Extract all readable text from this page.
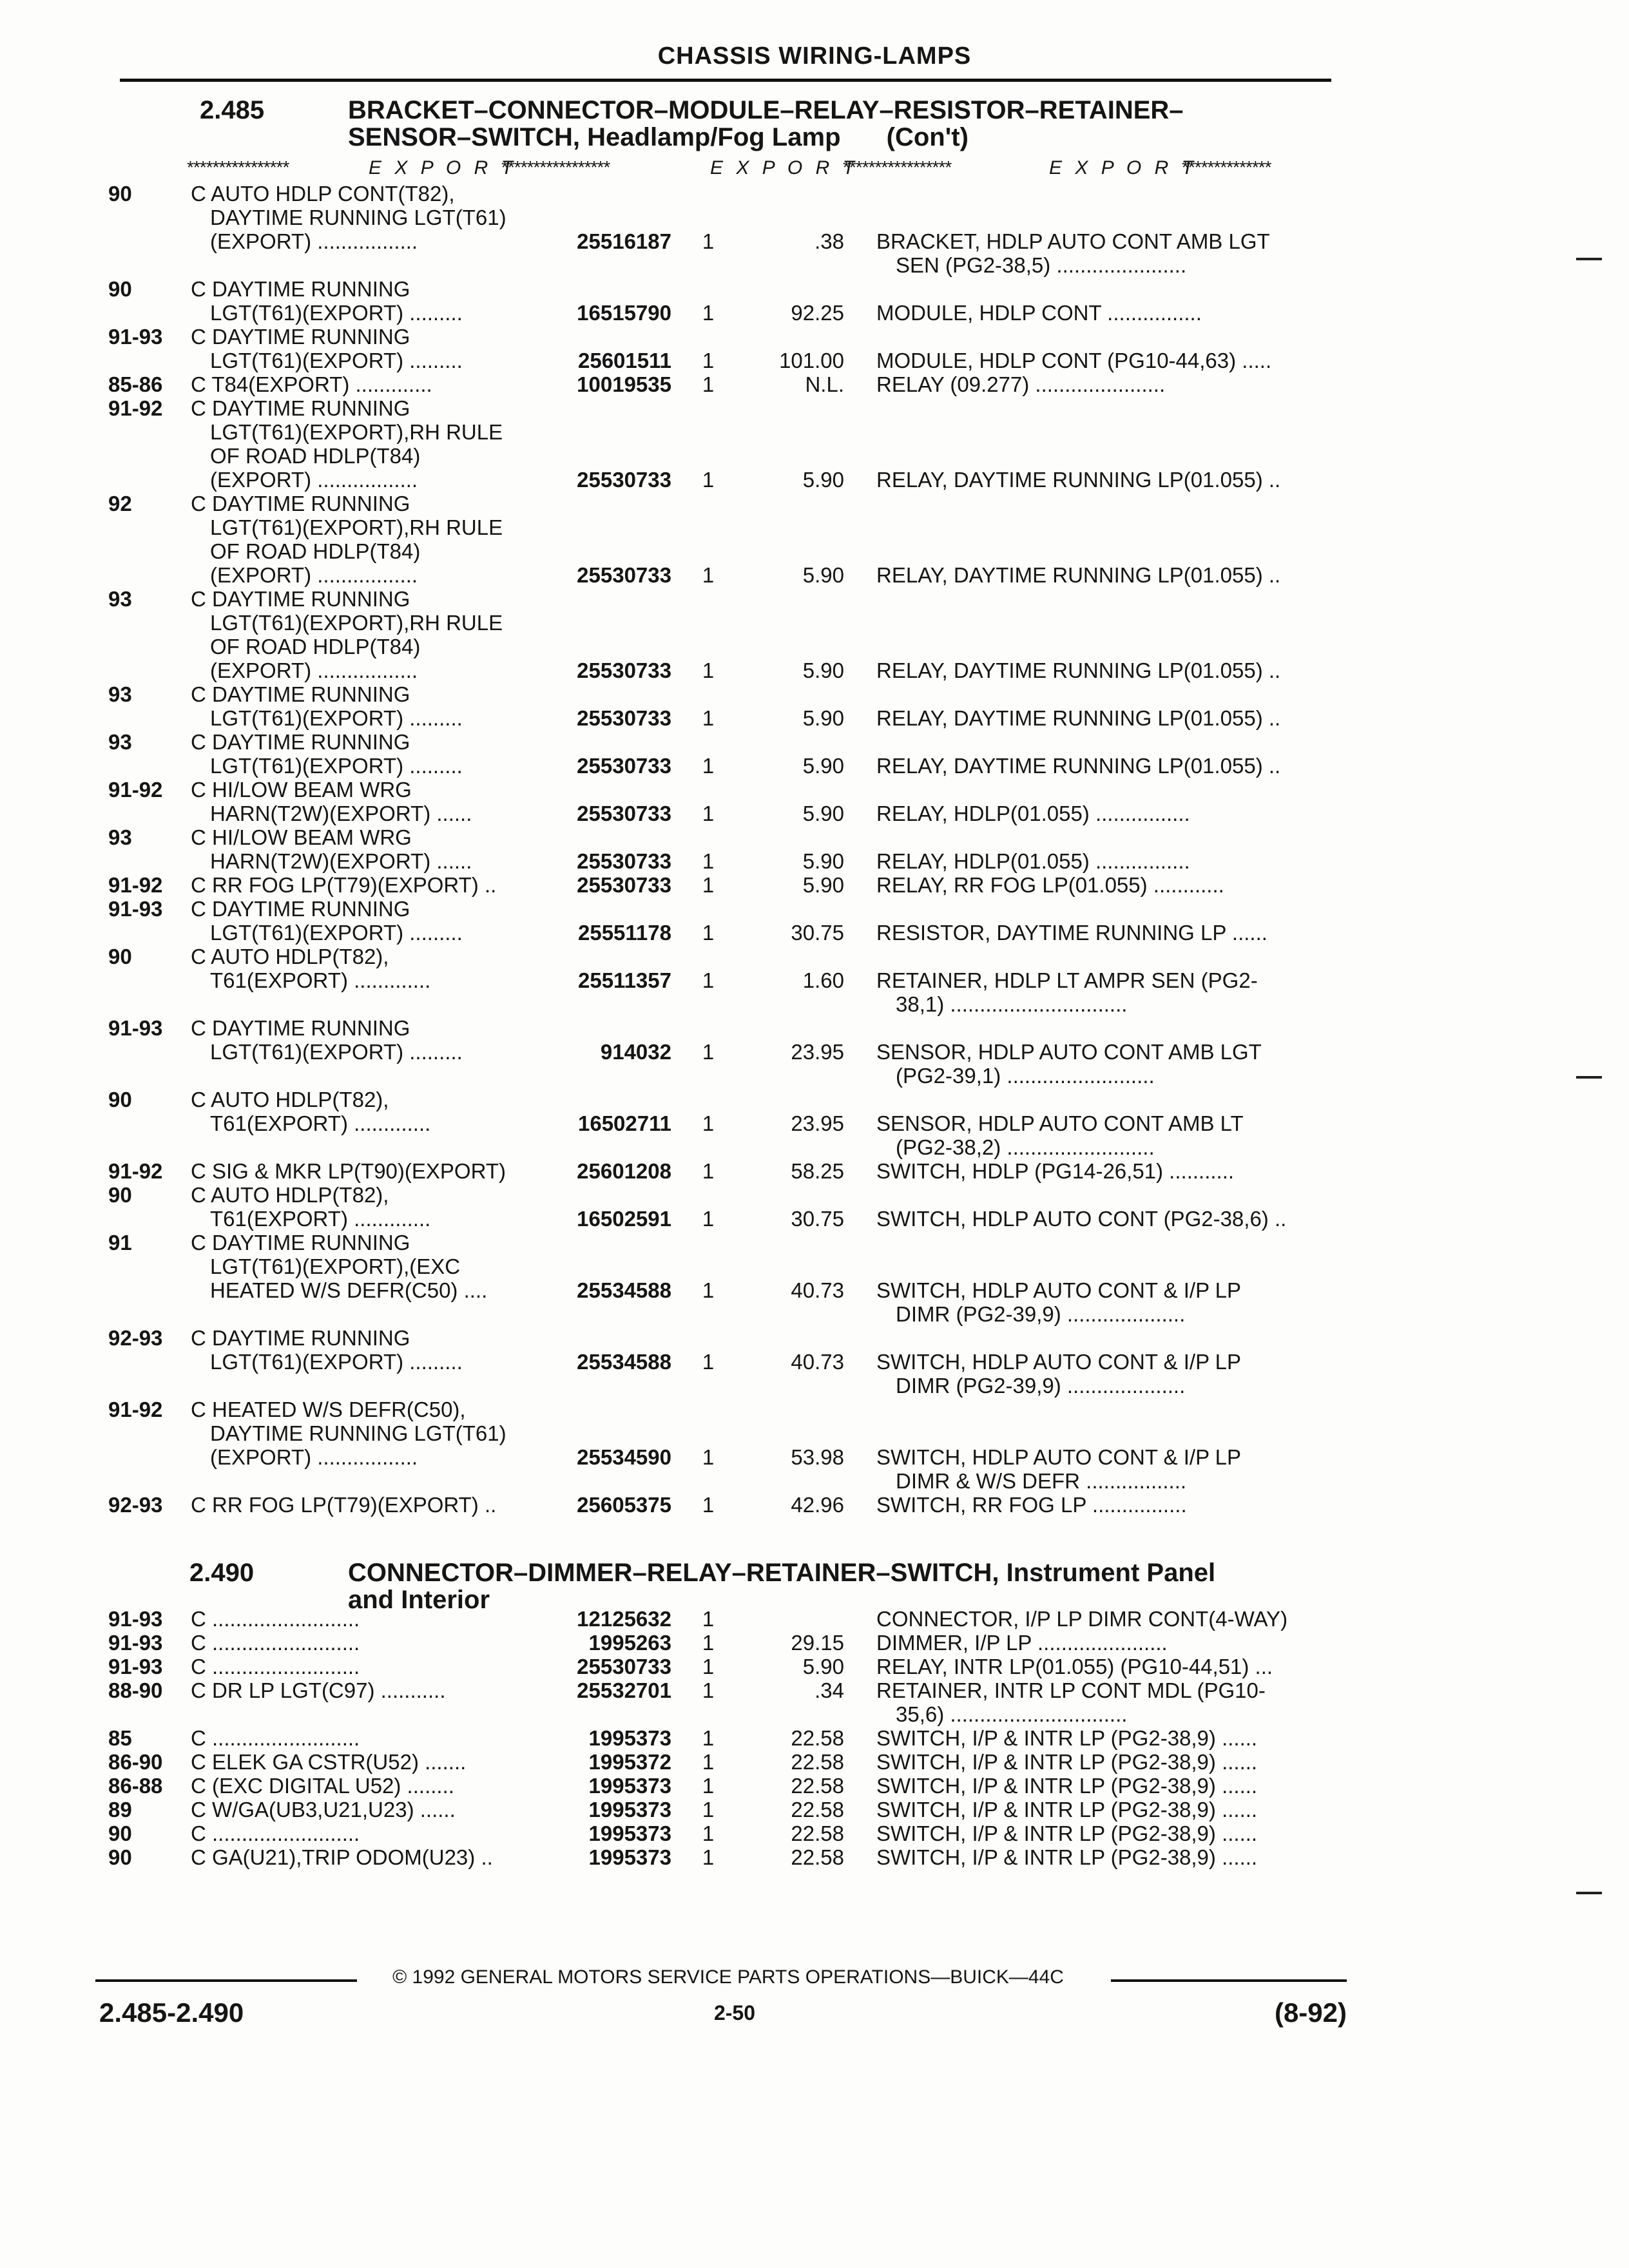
CHASSIS WIRING-LAMPS
2.485	BRACKET–CONNECTOR–MODULE–RELAY–RESISTOR–RETAINER–
SENSOR–SWITCH, Headlamp/Fog Lamp (Con't)
****************	E X P O R T
*****************	E X P O R T
*****************	E X P O R T
**************
90	C AUTO HDLP CONT(T82),
DAYTIME RUNNING LGT(T61)
(EXPORT) .................	25516187 1	.38 BRACKET, HDLP AUTO CONT AMB LGT
SEN (PG2-38,5) ......................
90	C DAYTIME RUNNING
LGT(T61)(EXPORT) .........	16515790 1	92.25 MODULE, HDLP CONT ................
91-93	C DAYTIME RUNNING
LGT(T61)(EXPORT) .........	25601511 1	101.00 MODULE, HDLP CONT (PG10-44,63) .....
85-86	C T84(EXPORT) .............	10019535 1	N.L. RELAY (09.277) ......................
91-92	C DAYTIME RUNNING
LGT(T61)(EXPORT),RH RULE
OF ROAD HDLP(T84)
(EXPORT) .................	25530733 1	5.90 RELAY, DAYTIME RUNNING LP(01.055) ..
92	C DAYTIME RUNNING
LGT(T61)(EXPORT),RH RULE
OF ROAD HDLP(T84)
(EXPORT) .................	25530733 1	5.90 RELAY, DAYTIME RUNNING LP(01.055) ..
93	C DAYTIME RUNNING
LGT(T61)(EXPORT),RH RULE
OF ROAD HDLP(T84)
(EXPORT) .................	25530733 1	5.90 RELAY, DAYTIME RUNNING LP(01.055) ..
93	C DAYTIME RUNNING
LGT(T61)(EXPORT) .........	25530733 1	5.90 RELAY, DAYTIME RUNNING LP(01.055) ..
93	C DAYTIME RUNNING
LGT(T61)(EXPORT) .........	25530733 1	5.90 RELAY, DAYTIME RUNNING LP(01.055) ..
91-92	C HI/LOW BEAM WRG
HARN(T2W)(EXPORT) ......	25530733 1	5.90 RELAY, HDLP(01.055) ................
93	C HI/LOW BEAM WRG
HARN(T2W)(EXPORT) ......	25530733 1	5.90 RELAY, HDLP(01.055) ................
91-92	C RR FOG LP(T79)(EXPORT) ..	25530733 1	5.90 RELAY, RR FOG LP(01.055) ............
91-93	C DAYTIME RUNNING
LGT(T61)(EXPORT) .........	25551178 1	30.75 RESISTOR, DAYTIME RUNNING LP ......
90	C AUTO HDLP(T82),
T61(EXPORT) .............	25511357 1	1.60 RETAINER, HDLP LT AMPR SEN (PG2-
38,1) ..............................
91-93	C DAYTIME RUNNING
LGT(T61)(EXPORT) .........	914032 1	23.95 SENSOR, HDLP AUTO CONT AMB LGT
(PG2-39,1) .........................
90	C AUTO HDLP(T82),
T61(EXPORT) .............	16502711 1	23.95 SENSOR, HDLP AUTO CONT AMB LT
(PG2-38,2) .........................
91-92	C SIG & MKR LP(T90)(EXPORT)	25601208 1	58.25 SWITCH, HDLP (PG14-26,51) ...........
90	C AUTO HDLP(T82),
T61(EXPORT) .............	16502591 1	30.75 SWITCH, HDLP AUTO CONT (PG2-38,6) ..
91	C DAYTIME RUNNING
LGT(T61)(EXPORT),(EXC
HEATED W/S DEFR(C50) ....	25534588 1	40.73 SWITCH, HDLP AUTO CONT & I/P LP
DIMR (PG2-39,9) ....................
92-93	C DAYTIME RUNNING
LGT(T61)(EXPORT) .........	25534588 1	40.73 SWITCH, HDLP AUTO CONT & I/P LP
DIMR (PG2-39,9) ....................
91-92	C HEATED W/S DEFR(C50),
DAYTIME RUNNING LGT(T61)
(EXPORT) .................	25534590 1	53.98 SWITCH, HDLP AUTO CONT & I/P LP
DIMR & W/S DEFR .................
92-93	C RR FOG LP(T79)(EXPORT) ..	25605375 1	42.96 SWITCH, RR FOG LP ................
91-93	C .........................	12125632 1	CONNECTOR, I/P LP DIMR CONT(4-WAY)
91-93	C .........................	1995263 1	29.15 DIMMER, I/P LP ......................
91-93	C .........................	25530733 1	5.90 RELAY, INTR LP(01.055) (PG10-44,51) ...
88-90	C DR LP LGT(C97) ...........	25532701 1	.34 RETAINER, INTR LP CONT MDL (PG10-
35,6) ..............................
85	C .........................	1995373 1	22.58 SWITCH, I/P & INTR LP (PG2-38,9) ......
86-90	C ELEK GA CSTR(U52) .......	1995372 1	22.58 SWITCH, I/P & INTR LP (PG2-38,9) ......
86-88	C (EXC DIGITAL U52) ........	1995373 1	22.58 SWITCH, I/P & INTR LP (PG2-38,9) ......
89	C W/GA(UB3,U21,U23) ......	1995373 1	22.58 SWITCH, I/P & INTR LP (PG2-38,9) ......
90	C .........................	1995373 1	22.58 SWITCH, I/P & INTR LP (PG2-38,9) ......
90	C GA(U21),TRIP ODOM(U23) ..	1995373 1	22.58 SWITCH, I/P & INTR LP (PG2-38,9) ......
2.490	CONNECTOR–DIMMER–RELAY–RETAINER–SWITCH, Instrument Panel
and Interior
© 1992 GENERAL MOTORS SERVICE PARTS OPERATIONS—BUICK—44C
2.485-2.490	2-50	(8-92)
